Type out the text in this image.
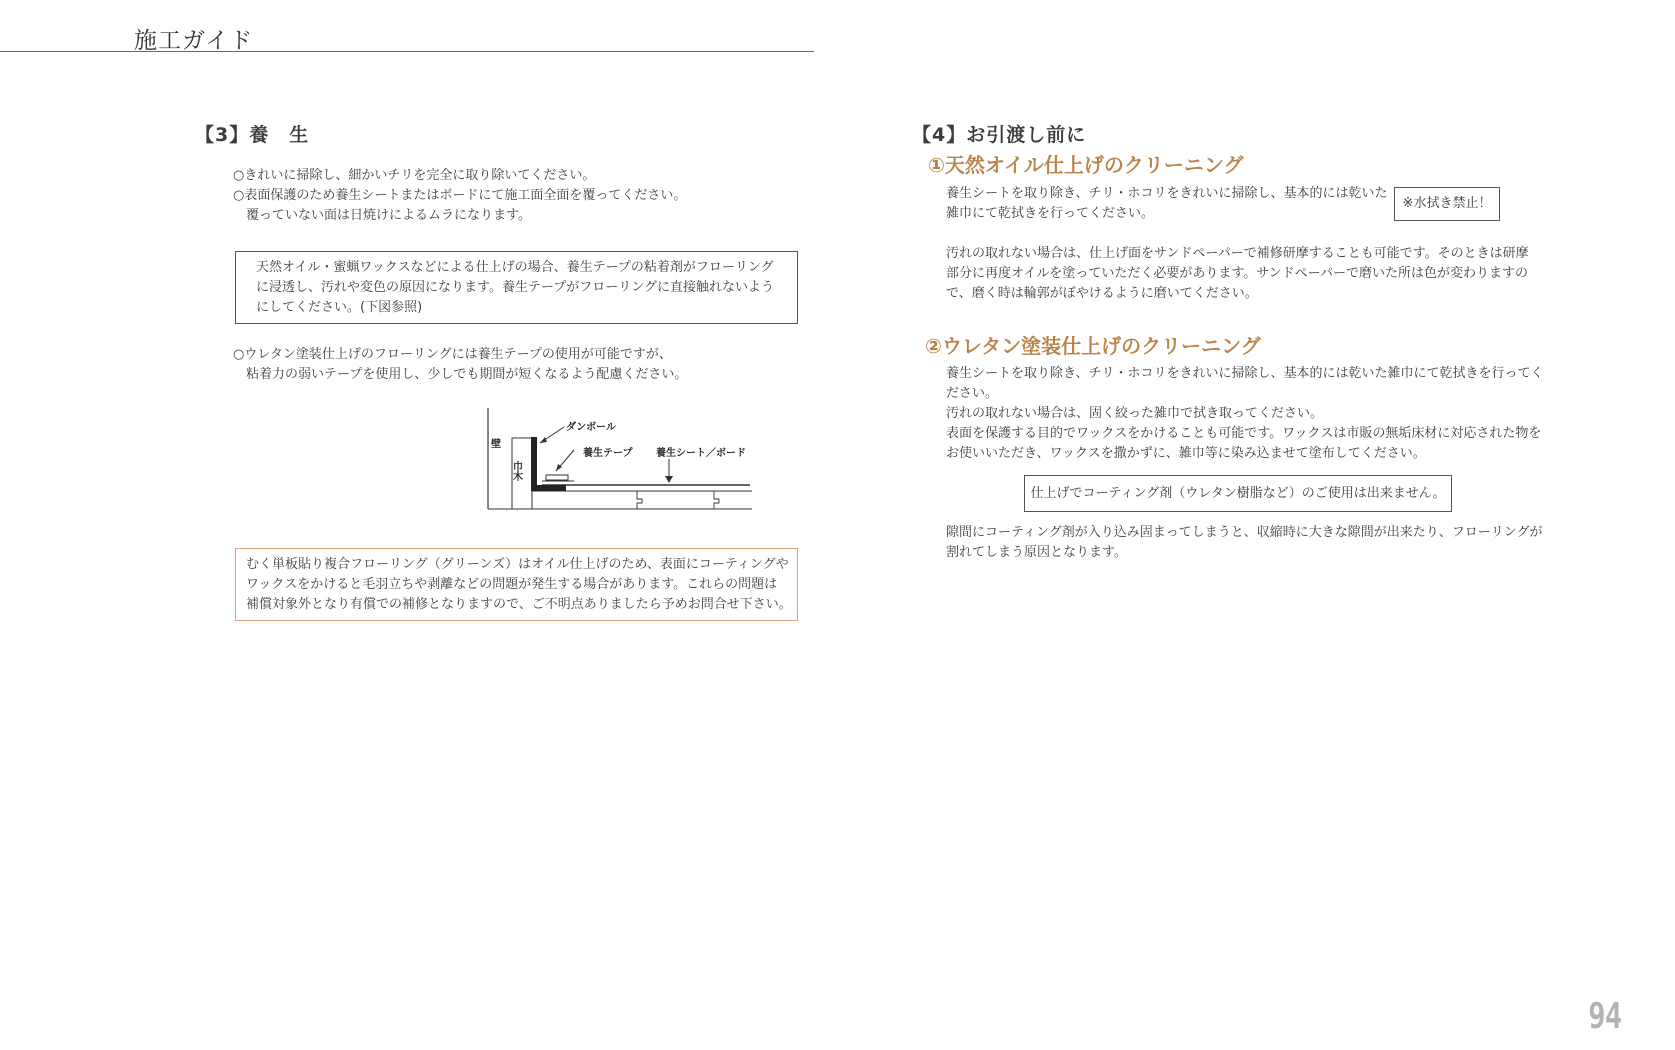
施工ガイド
【3】養　生
○きれいに掃除し、細かいチリを完全に取り除いてください。
○表面保護のため養生シートまたはボードにて施工面全面を覆ってください。
　覆っていない面は日焼けによるムラになります。
天然オイル・蜜蝋ワックスなどによる仕上げの場合、養生テープの粘着剤がフローリング
に浸透し、汚れや変色の原因になります。養生テープがフローリングに直接触れないよう
にしてください。(下図参照)
○ウレタン塗装仕上げのフローリングには養生テープの使用が可能ですが、
　粘着力の弱いテープを使用し、少しでも期間が短くなるよう配慮ください。
壁
巾木
ダンボール
養生テープ 養生シート／ボード
むく単板貼り複合フローリング（グリーンズ）はオイル仕上げのため、表面にコーティングや
ワックスをかけると毛羽立ちや剥離などの問題が発生する場合があります。これらの問題は
補償対象外となり有償での補修となりますので、ご不明点ありましたら予めお問合せ下さい。
【4】お引渡し前に
①天然オイル仕上げのクリーニング
養生シートを取り除き、チリ・ホコリをきれいに掃除し、基本的には乾いた
雑巾にて乾拭きを行ってください。
※水拭き禁止！
汚れの取れない場合は、仕上げ面をサンドペーパーで補修研摩することも可能です。そのときは研摩
部分に再度オイルを塗っていただく必要があります。サンドペーパーで磨いた所は色が変わりますの
で、磨く時は輪郭がぼやけるように磨いてください。
②ウレタン塗装仕上げのクリーニング
養生シートを取り除き、チリ・ホコリをきれいに掃除し、基本的には乾いた雑巾にて乾拭きを行ってく
ださい。
汚れの取れない場合は、固く絞った雑巾で拭き取ってください。
表面を保護する目的でワックスをかけることも可能です。ワックスは市販の無垢床材に対応された物を
お使いいただき、ワックスを撒かずに、雑巾等に染み込ませて塗布してください。
仕上げでコーティング剤（ウレタン樹脂など）のご使用は出来ません。
隙間にコーティング剤が入り込み固まってしまうと、収縮時に大きな隙間が出来たり、フローリングが
割れてしまう原因となります。
94
